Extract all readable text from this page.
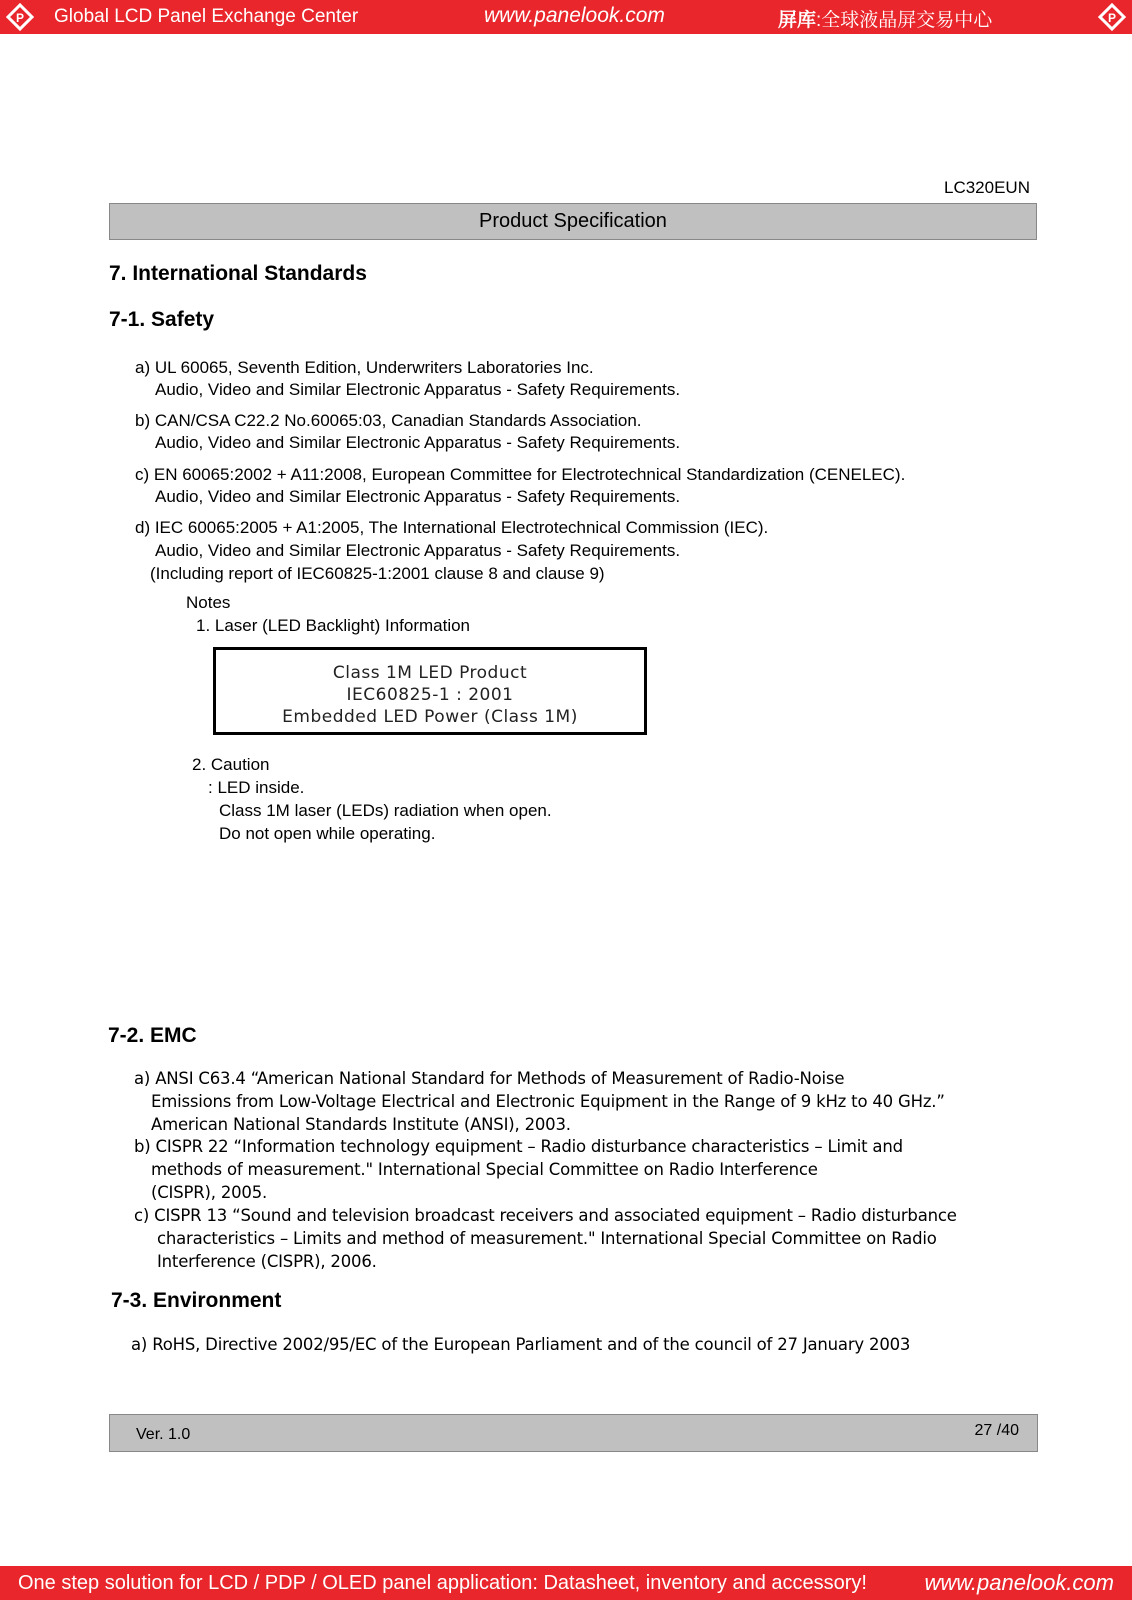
P Global LCD Panel Exchange Center	www.panelook.com	屏库:全球液晶屏交易中心	P
LC320EUN
Product Specification
7. International Standards
7-1. Safety
a) UL 60065, Seventh Edition, Underwriters Laboratories Inc.
Audio, Video and Similar Electronic Apparatus - Safety Requirements.
b) CAN/CSA C22.2 No.60065:03, Canadian Standards Association.
Audio, Video and Similar Electronic Apparatus - Safety Requirements.
c) EN 60065:2002 + A11:2008, European Committee for Electrotechnical Standardization (CENELEC).
Audio, Video and Similar Electronic Apparatus - Safety Requirements.
d) IEC 60065:2005 + A1:2005, The International Electrotechnical Commission (IEC).
Audio, Video and Similar Electronic Apparatus - Safety Requirements.
(Including report of IEC60825-1:2001 clause 8 and clause 9)
Notes
1. Laser (LED Backlight) Information
Class 1M LED Product
IEC60825-1 : 2001
Embedded LED Power (Class 1M)
2. Caution
: LED inside.
Class 1M laser (LEDs) radiation when open.
Do not open while operating.
7-2. EMC
a) ANSI C63.4 “American National Standard for Methods of Measurement of Radio-Noise
Emissions from Low-Voltage Electrical and Electronic Equipment in the Range of 9 kHz to 40 GHz.”
American National Standards Institute (ANSI), 2003.
b) CISPR 22 “Information technology equipment – Radio disturbance characteristics – Limit and
methods of measurement." International Special Committee on Radio Interference
(CISPR), 2005.
c) CISPR 13 “Sound and television broadcast receivers and associated equipment – Radio disturbance
characteristics – Limits and method of measurement." International Special Committee on Radio
Interference (CISPR), 2006.
7-3. Environment
a) RoHS, Directive 2002/95/EC of the European Parliament and of the council of 27 January 2003
Ver. 1.0	27 /40
One step solution for LCD / PDP / OLED panel application: Datasheet, inventory and accessory!	www.panelook.com
